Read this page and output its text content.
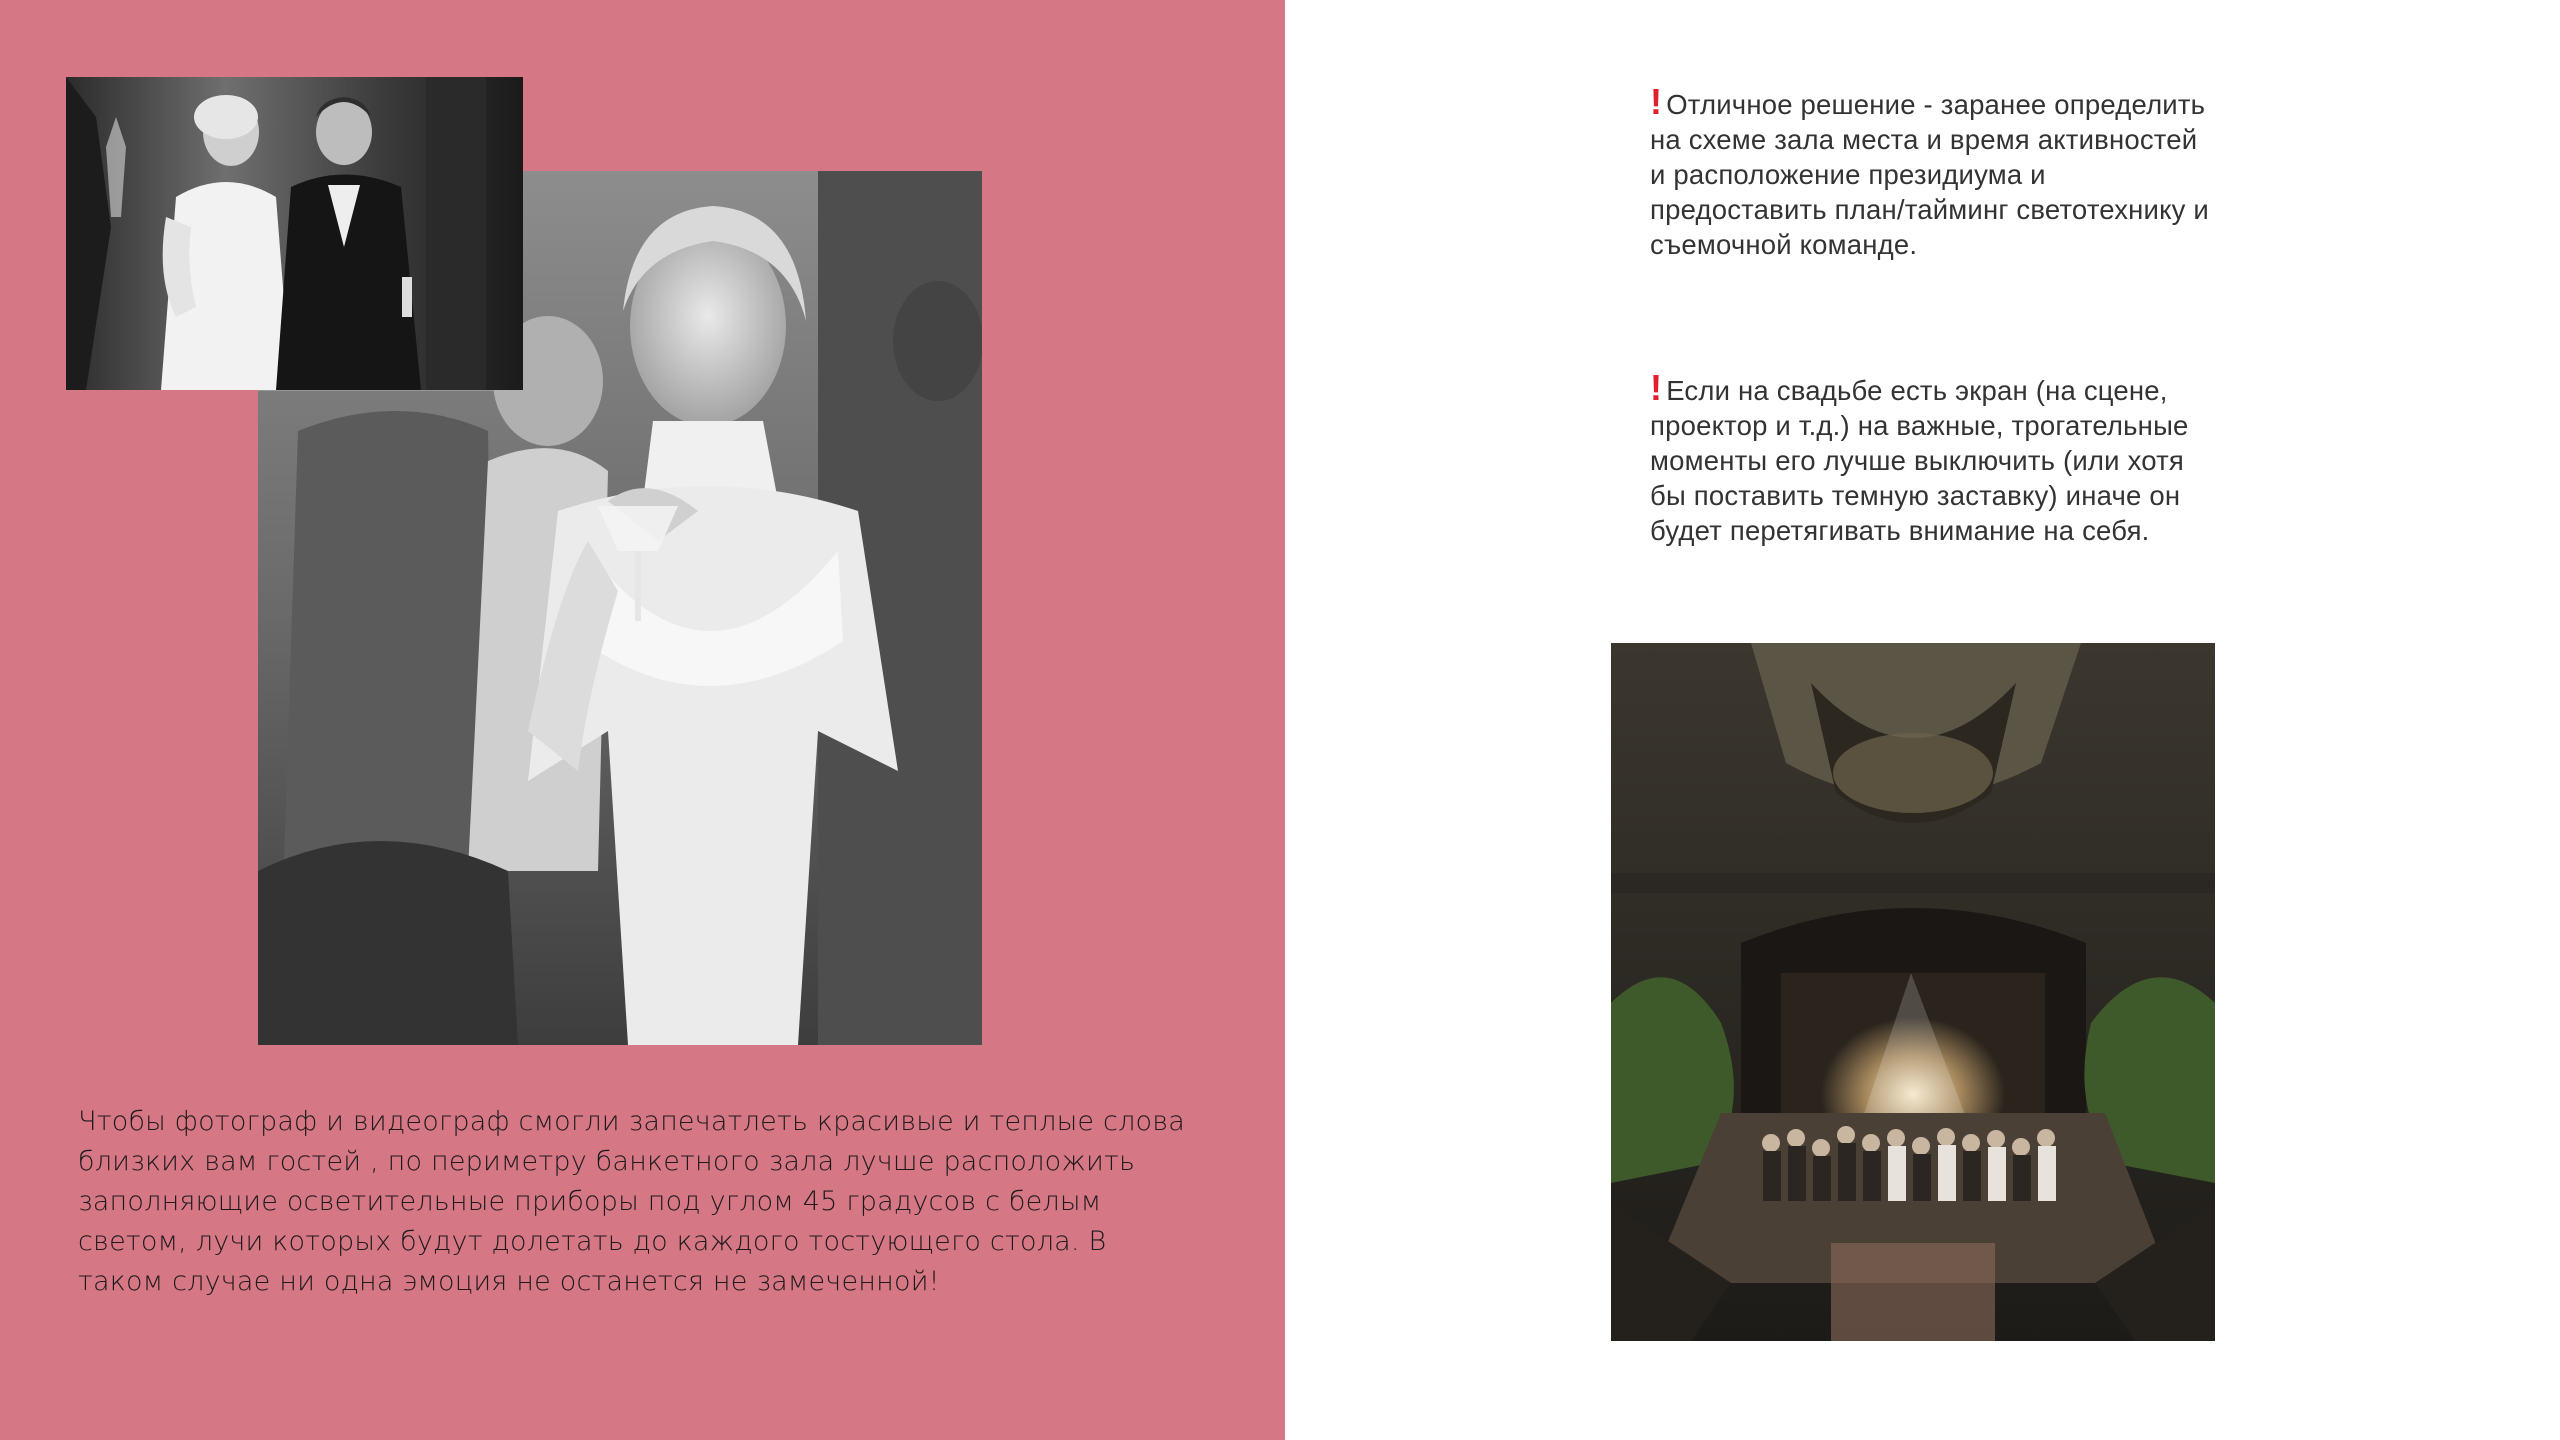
Чтобы фотограф и видеограф смогли запечатлеть красивые и теплые слова близких вам гостей , по периметру банкетного зала лучше расположить заполняющие осветительные приборы под углом 45 градусов с белым светом, лучи которых будут долетать до каждого тостующего стола. В таком случае ни одна эмоция не останется не замеченной!
! Отличное решение - заранее определить на схеме зала места и время активностей и расположение президиума и предоставить план/тайминг светотехнику и съемочной команде.
! Если на свадьбе есть экран (на сцене, проектор и т.д.) на важные, трогательные моменты его лучше выключить (или хотя бы поставить темную заставку) иначе он будет перетягивать внимание на себя.
